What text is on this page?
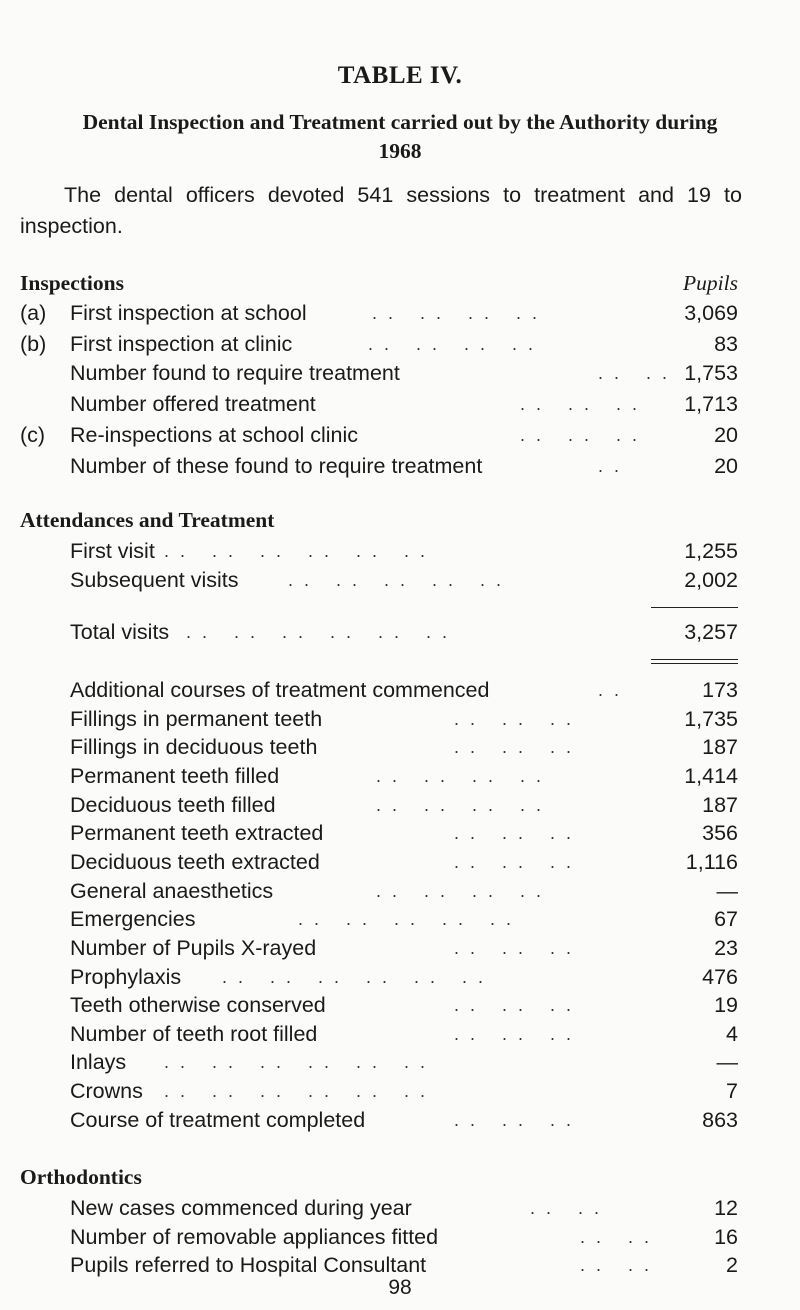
TABLE IV.
Dental Inspection and Treatment carried out by the Authority during 1968
The dental officers devoted 541 sessions to treatment and 19 to inspection.
Inspections	Pupils
(a) First inspection at school	. .   . .   . .   . .	3,069
(b) First inspection at clinic	. .   . .   . .   . .	83
Number found to require treatment	. .   . . 1,753
Number offered treatment	. .   . .   . . 1,713
(c) Re-inspections at school clinic	. .   . .   . .	20
Number of these found to require treatment	. .	20
Attendances and Treatment
First visit . .   . .   . .   . .   . .   . .	1,255
Subsequent visits	. .   . .   . .   . .   . .	2,002
Total visits . .   . .   . .   . .   . .   . .	3,257
Additional courses of treatment commenced	. .	173
Fillings in permanent teeth	. .   . .   . .	1,735
Fillings in deciduous teeth	. .   . .   . .	187
Permanent teeth filled	. .   . .   . .   . .	1,414
Deciduous teeth filled	. .   . .   . .   . .	187
Permanent teeth extracted	. .   . .   . .	356
Deciduous teeth extracted	. .   . .   . .	1,116
General anaesthetics	. .   . .   . .   . .	—
Emergencies	. .   . .   . .   . .   . .	67
Number of Pupils X-rayed	. .   . .   . .	23
Prophylaxis . .   . .   . .   . .   . .   . .	476
Teeth otherwise conserved	. .   . .   . .	19
Number of teeth root filled	. .   . .   . .	4
Inlays . .   . .   . .   . .   . .   . .	—
Crowns . .   . .   . .   . .   . .   . .	7
Course of treatment completed	. .   . .   . .	863
Orthodontics
New cases commenced during year	. .   . .	12
Number of removable appliances fitted	. .   . .	16
Pupils referred to Hospital Consultant	. .   . .	2
98
